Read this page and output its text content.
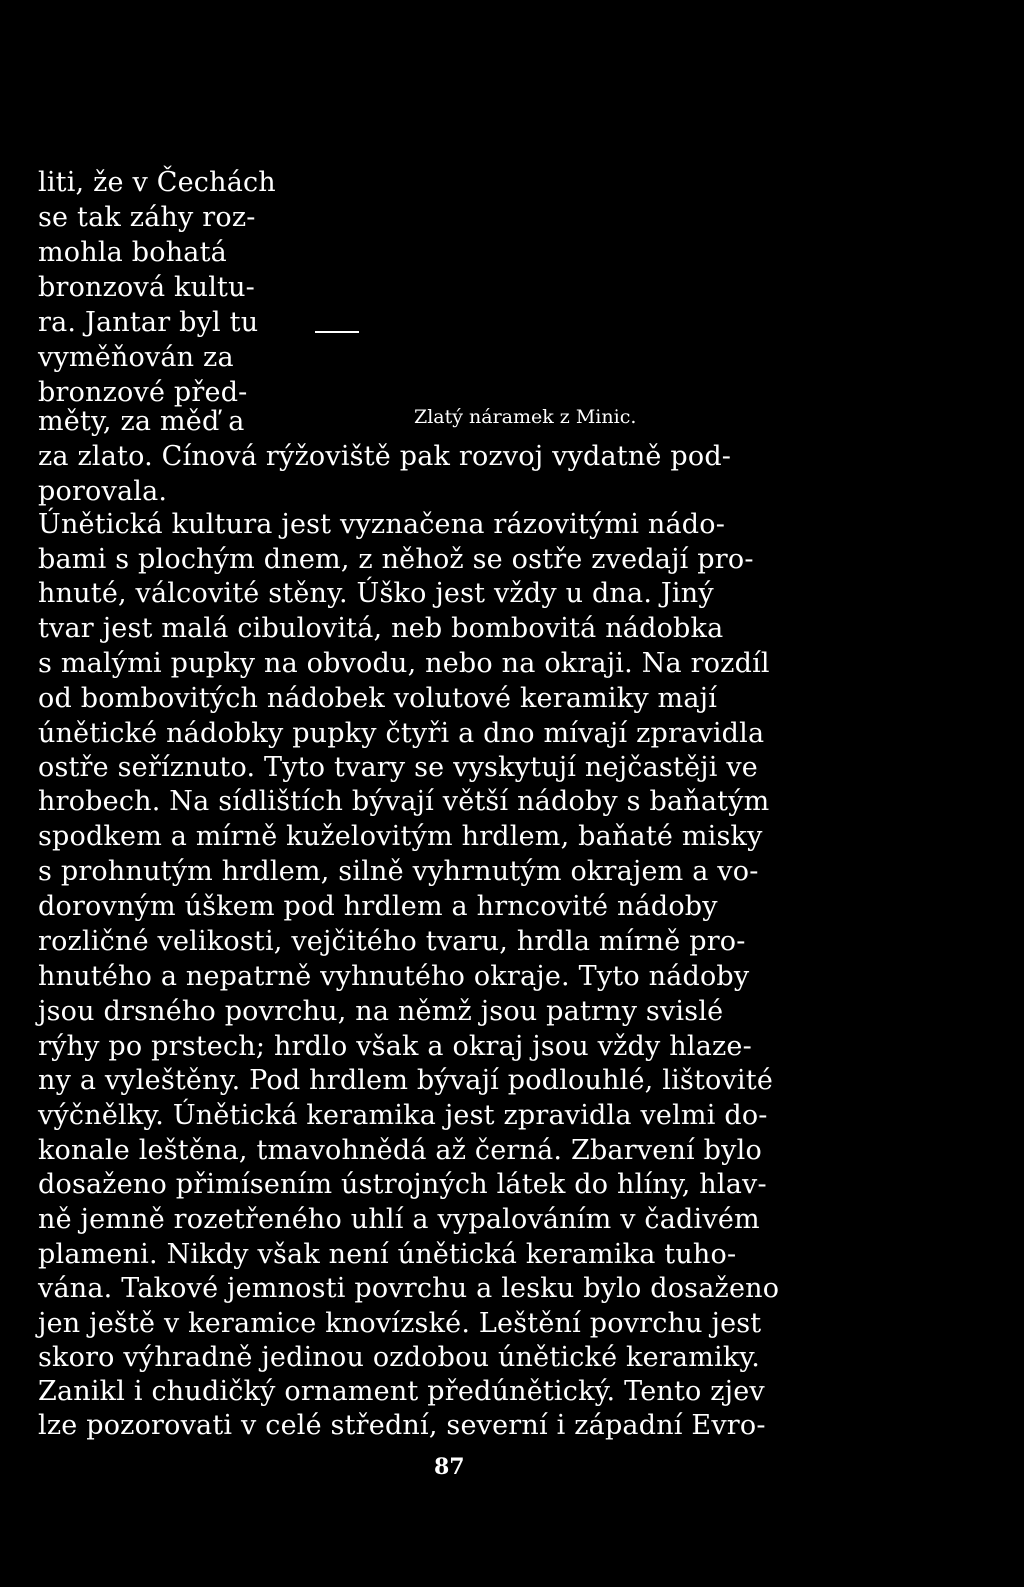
liti, že v Čechách
se tak záhy roz-
mohla bohatá
bronzová kultu-
ra. Jantar byl tu
vyměňován za
bronzové před-
měty, za měď a	Zlatý náramek z Minic.
za zlato. Cínová rýžoviště pak rozvoj vydatně pod-
porovala.
Únětická kultura jest vyznačena rázovitými nádo-
bami s plochým dnem, z něhož se ostře zvedají pro-
hnuté, válcovité stěny. Úško jest vždy u dna. Jiný
tvar jest malá cibulovitá, neb bombovitá nádobka
s malými pupky na obvodu, nebo na okraji. Na rozdíl
od bombovitých nádobek volutové keramiky mají
únětické nádobky pupky čtyři a dno mívají zpravidla
ostře seříznuto. Tyto tvary se vyskytují nejčastěji ve
hrobech. Na sídlištích bývají větší nádoby s baňatým
spodkem a mírně kuželovitým hrdlem, baňaté misky
s prohnutým hrdlem, silně vyhrnutým okrajem a vo-
dorovným úškem pod hrdlem a hrncovité nádoby
rozličné velikosti, vejčitého tvaru, hrdla mírně pro-
hnutého a nepatrně vyhnutého okraje. Tyto nádoby
jsou drsného povrchu, na němž jsou patrny svislé
rýhy po prstech; hrdlo však a okraj jsou vždy hlaze-
ny a vyleštěny. Pod hrdlem bývají podlouhlé, lištovité
výčnělky. Únětická keramika jest zpravidla velmi do-
konale leštěna, tmavohnědá až černá. Zbarvení bylo
dosaženo přimísením ústrojných látek do hlíny, hlav-
ně jemně rozetřeného uhlí a vypalováním v čadivém
plameni. Nikdy však není únětická keramika tuho-
vána. Takové jemnosti povrchu a lesku bylo dosaženo
jen ještě v keramice knovízské. Leštění povrchu jest
skoro výhradně jedinou ozdobou únětické keramiky.
Zanikl i chudičký ornament předúnětický. Tento zjev
lze pozorovati v celé střední, severní i západní Evro-
87
